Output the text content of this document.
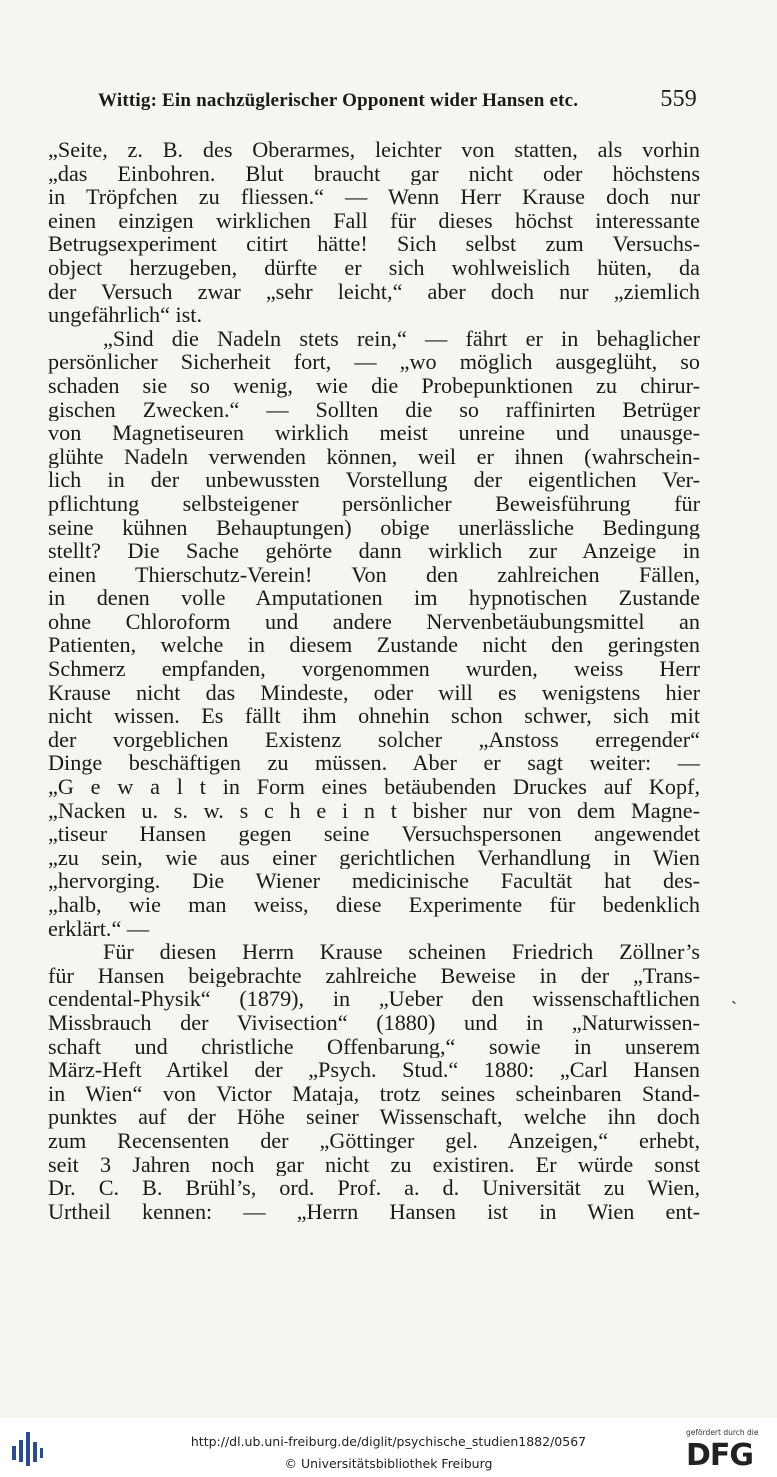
Wittig: Ein nachzüglerischer Opponent wider Hansen etc.	559
„Seite, z. B. des Oberarmes, leichter von statten, als vorhin
„das Einbohren. Blut braucht gar nicht oder höchstens
in Tröpfchen zu fliessen.“ — Wenn Herr Krause doch nur
einen einzigen wirklichen Fall für dieses höchst interessante
Betrugsexperiment citirt hätte! Sich selbst zum Versuchs-
object herzugeben, dürfte er sich wohlweislich hüten, da
der Versuch zwar „sehr leicht,“ aber doch nur „ziemlich
ungefährlich“ ist.
„Sind die Nadeln stets rein,“ — fährt er in behaglicher
persönlicher Sicherheit fort, — „wo möglich ausgeglüht, so
schaden sie so wenig, wie die Probepunktionen zu chirur-
gischen Zwecken.“ — Sollten die so raffinirten Betrüger
von Magnetiseuren wirklich meist unreine und unausge-
glühte Nadeln verwenden können, weil er ihnen (wahrschein-
lich in der unbewussten Vorstellung der eigentlichen Ver-
pflichtung selbsteigener persönlicher Beweisführung für
seine kühnen Behauptungen) obige unerlässliche Bedingung
stellt? Die Sache gehörte dann wirklich zur Anzeige in
einen Thierschutz-Verein! Von den zahlreichen Fällen,
in denen volle Amputationen im hypnotischen Zustande
ohne Chloroform und andere Nervenbetäubungsmittel an
Patienten, welche in diesem Zustande nicht den geringsten
Schmerz empfanden, vorgenommen wurden, weiss Herr
Krause nicht das Mindeste, oder will es wenigstens hier
nicht wissen. Es fällt ihm ohnehin schon schwer, sich mit
der vorgeblichen Existenz solcher „Anstoss erregender“
Dinge beschäftigen zu müssen. Aber er sagt weiter: —
„G e w a l t in Form eines betäubenden Druckes auf Kopf,
„Nacken u. s. w. s c h e i n t bisher nur von dem Magne-
„tiseur Hansen gegen seine Versuchspersonen angewendet
„zu sein, wie aus einer gerichtlichen Verhandlung in Wien
„hervorging. Die Wiener medicinische Facultät hat des-
„halb, wie man weiss, diese Experimente für bedenklich
erklärt.“ —
Für diesen Herrn Krause scheinen Friedrich Zöllner’s
für Hansen beigebrachte zahlreiche Beweise in der „Trans-
cendental-Physik“ (1879), in „Ueber den wissenschaftlichen
Missbrauch der Vivisection“ (1880) und in „Naturwissen-
schaft und christliche Offenbarung,“ sowie in unserem
März-Heft Artikel der „Psych. Stud.“ 1880: „Carl Hansen
in Wien“ von Victor Mataja, trotz seines scheinbaren Stand-
punktes auf der Höhe seiner Wissenschaft, welche ihn doch
zum Recensenten der „Göttinger gel. Anzeigen,“ erhebt,
seit 3 Jahren noch gar nicht zu existiren. Er würde sonst
Dr. C. B. Brühl’s, ord. Prof. a. d. Universität zu Wien,
Urtheil kennen: — „Herrn Hansen ist in Wien ent-
ˎ
http://dl.ub.uni-freiburg.de/diglit/psychische_studien1882/0567
© Universitätsbibliothek Freiburg
gefördert durch die
DFG
